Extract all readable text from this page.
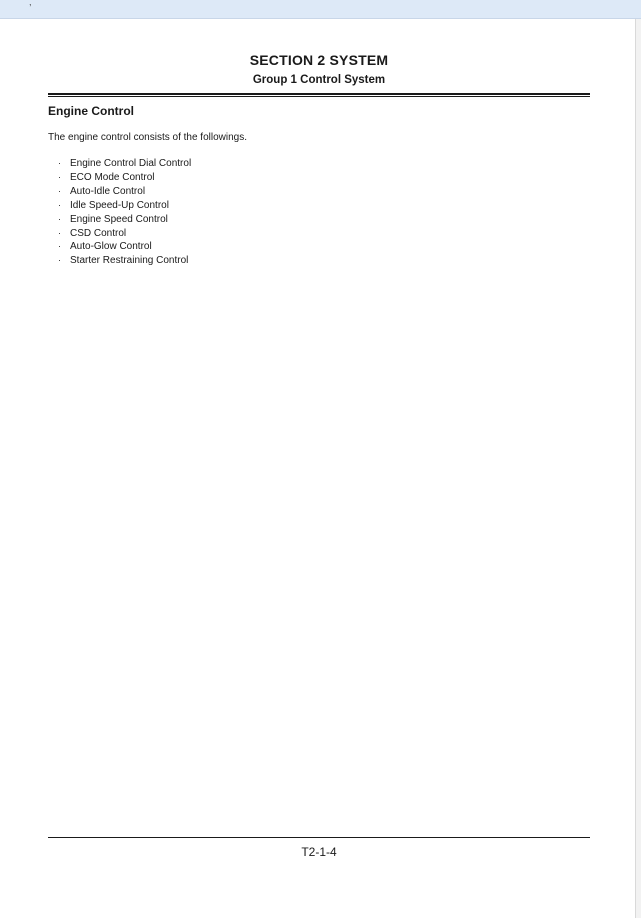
,
SECTION 2 SYSTEM
Group 1 Control System
Engine Control
The engine control consists of the followings.
· Engine Control Dial Control
· ECO Mode Control
· Auto-Idle Control
· Idle Speed-Up Control
· Engine Speed Control
· CSD Control
· Auto-Glow Control
· Starter Restraining Control
T2-1-4
